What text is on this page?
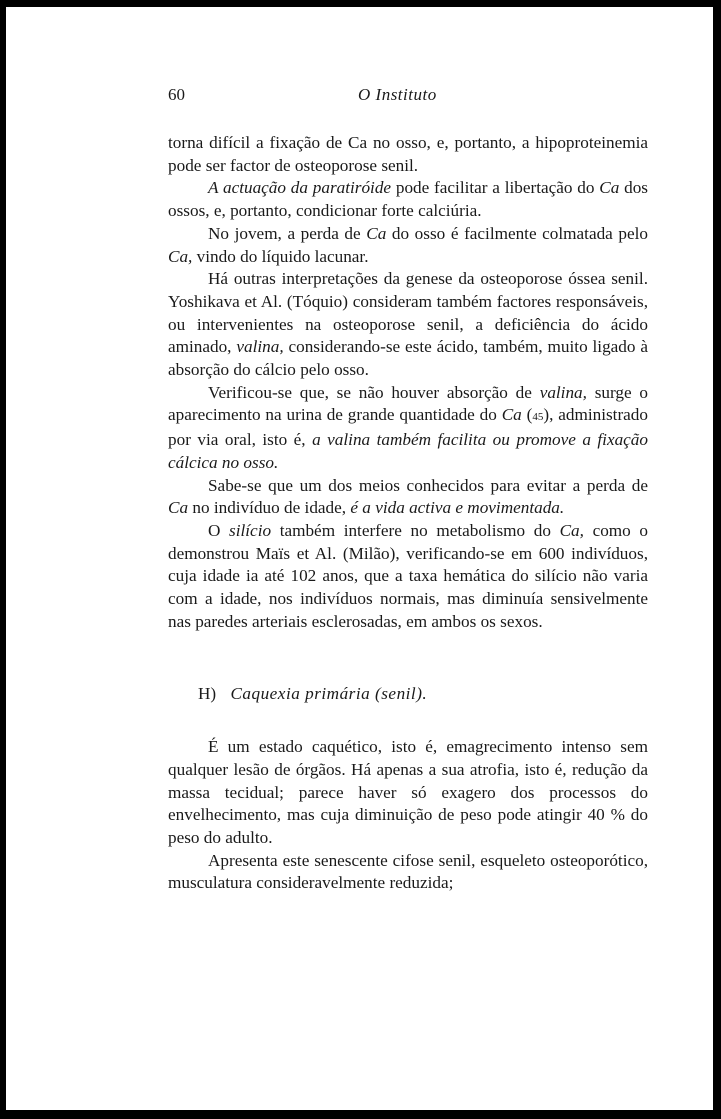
60	O Instituto

torna difícil a fixação de Ca no osso, e, portanto, a hipoproteinemia pode ser factor de osteoporose senil.

A actuação da paratiróide pode facilitar a libertação do Ca dos ossos, e, portanto, condicionar forte calciúria.

No jovem, a perda de Ca do osso é facilmente colmatada pelo Ca, vindo do líquido lacunar.

Há outras interpretações da genese da osteoporose óssea senil. Yoshikava et Al. (Tóquio) consideram também factores responsáveis, ou intervenientes na osteoporose senil, a deficiência do ácido aminado, valina, considerando-se este ácido, também, muito ligado à absorção do cálcio pelo osso.

Verificou-se que, se não houver absorção de valina, surge o aparecimento na urina de grande quantidade do Ca (45), administrado por via oral, isto é, a valina também facilita ou promove a fixação cálcica no osso.

Sabe-se que um dos meios conhecidos para evitar a perda de Ca no indivíduo de idade, é a vida activa e movimentada.

O silício também interfere no metabolismo do Ca, como o demonstrou Maïs et Al. (Milão), verificando-se em 600 indivíduos, cuja idade ia até 102 anos, que a taxa hemática do silício não varia com a idade, nos indivíduos normais, mas diminuía sensivelmente nas paredes arteriais esclerosadas, em ambos os sexos.

H) Caquexia primária (senil).

É um estado caquético, isto é, emagrecimento intenso sem qualquer lesão de órgãos. Há apenas a sua atrofia, isto é, redução da massa tecidual; parece haver só exagero dos processos do envelhecimento, mas cuja diminuição de peso pode atingir 40 % do peso do adulto.

Apresenta este senescente cifose senil, esqueleto osteoporótico, musculatura consideravelmente reduzida;
